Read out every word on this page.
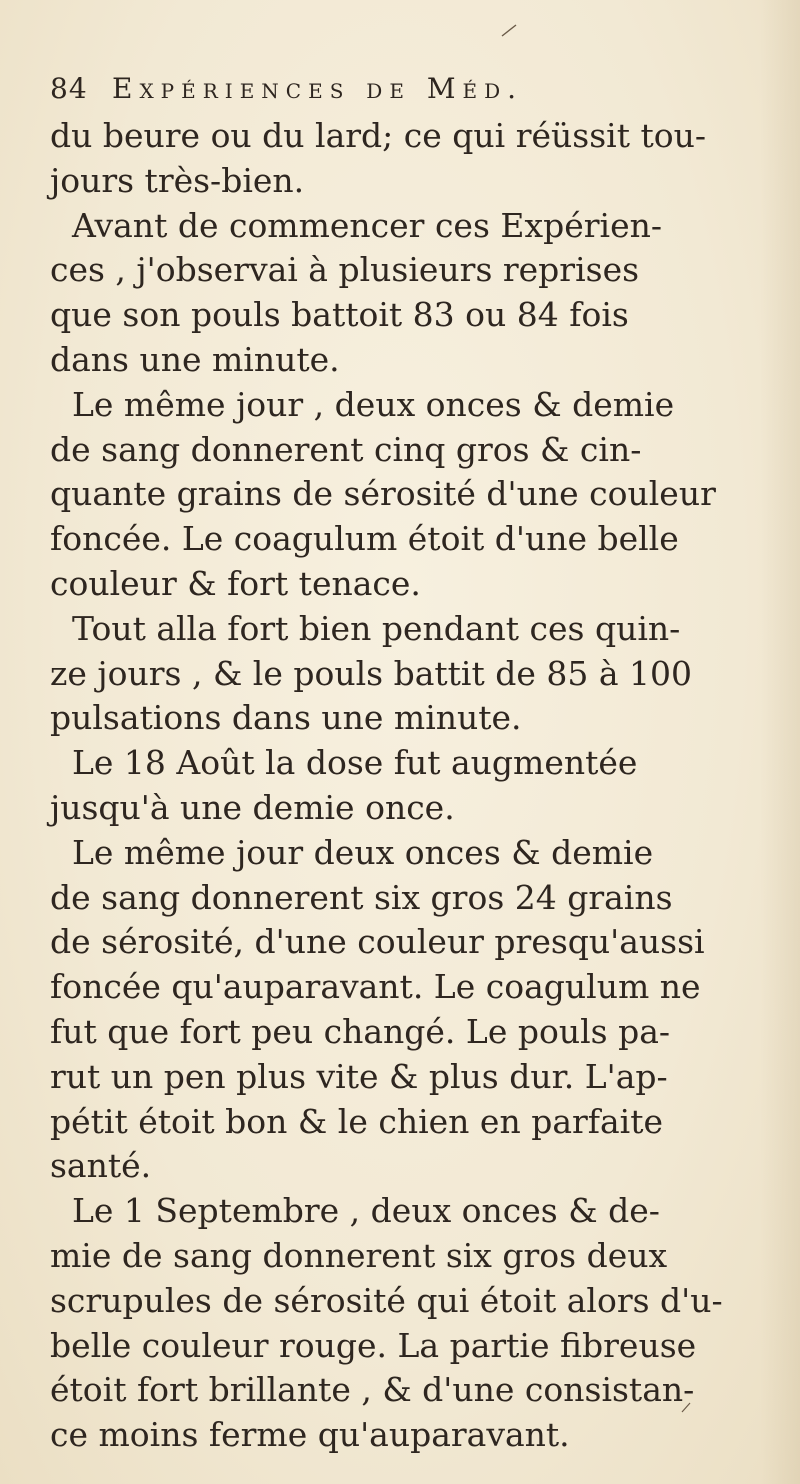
84 Expériences de Méd.
du beure ou du lard; ce qui réüssit tou-
jours très-bien.
Avant de commencer ces Expérien-
ces , j'observai à plusieurs reprises
que son pouls battoit 83 ou 84 fois
dans une minute.
Le même jour , deux onces & demie
de sang donnerent cinq gros & cin-
quante grains de sérosité d'une couleur
foncée. Le coagulum étoit d'une belle
couleur & fort tenace.
Tout alla fort bien pendant ces quin-
ze jours , & le pouls battit de 85 à 100
pulsations dans une minute.
Le 18 Août la dose fut augmentée
jusqu'à une demie once.
Le même jour deux onces & demie
de sang donnerent six gros 24 grains
de sérosité, d'une couleur presqu'aussi
foncée qu'auparavant. Le coagulum ne
fut que fort peu changé. Le pouls pa-
rut un pen plus vite & plus dur. L'ap-
pétit étoit bon & le chien en parfaite
santé.
Le 1 Septembre , deux onces & de-
mie de sang donnerent six gros deux
scrupules de sérosité qui étoit alors d'u-
belle couleur rouge. La partie fibreuse
étoit fort brillante , & d'une consistan-
ce moins ferme qu'auparavant.
